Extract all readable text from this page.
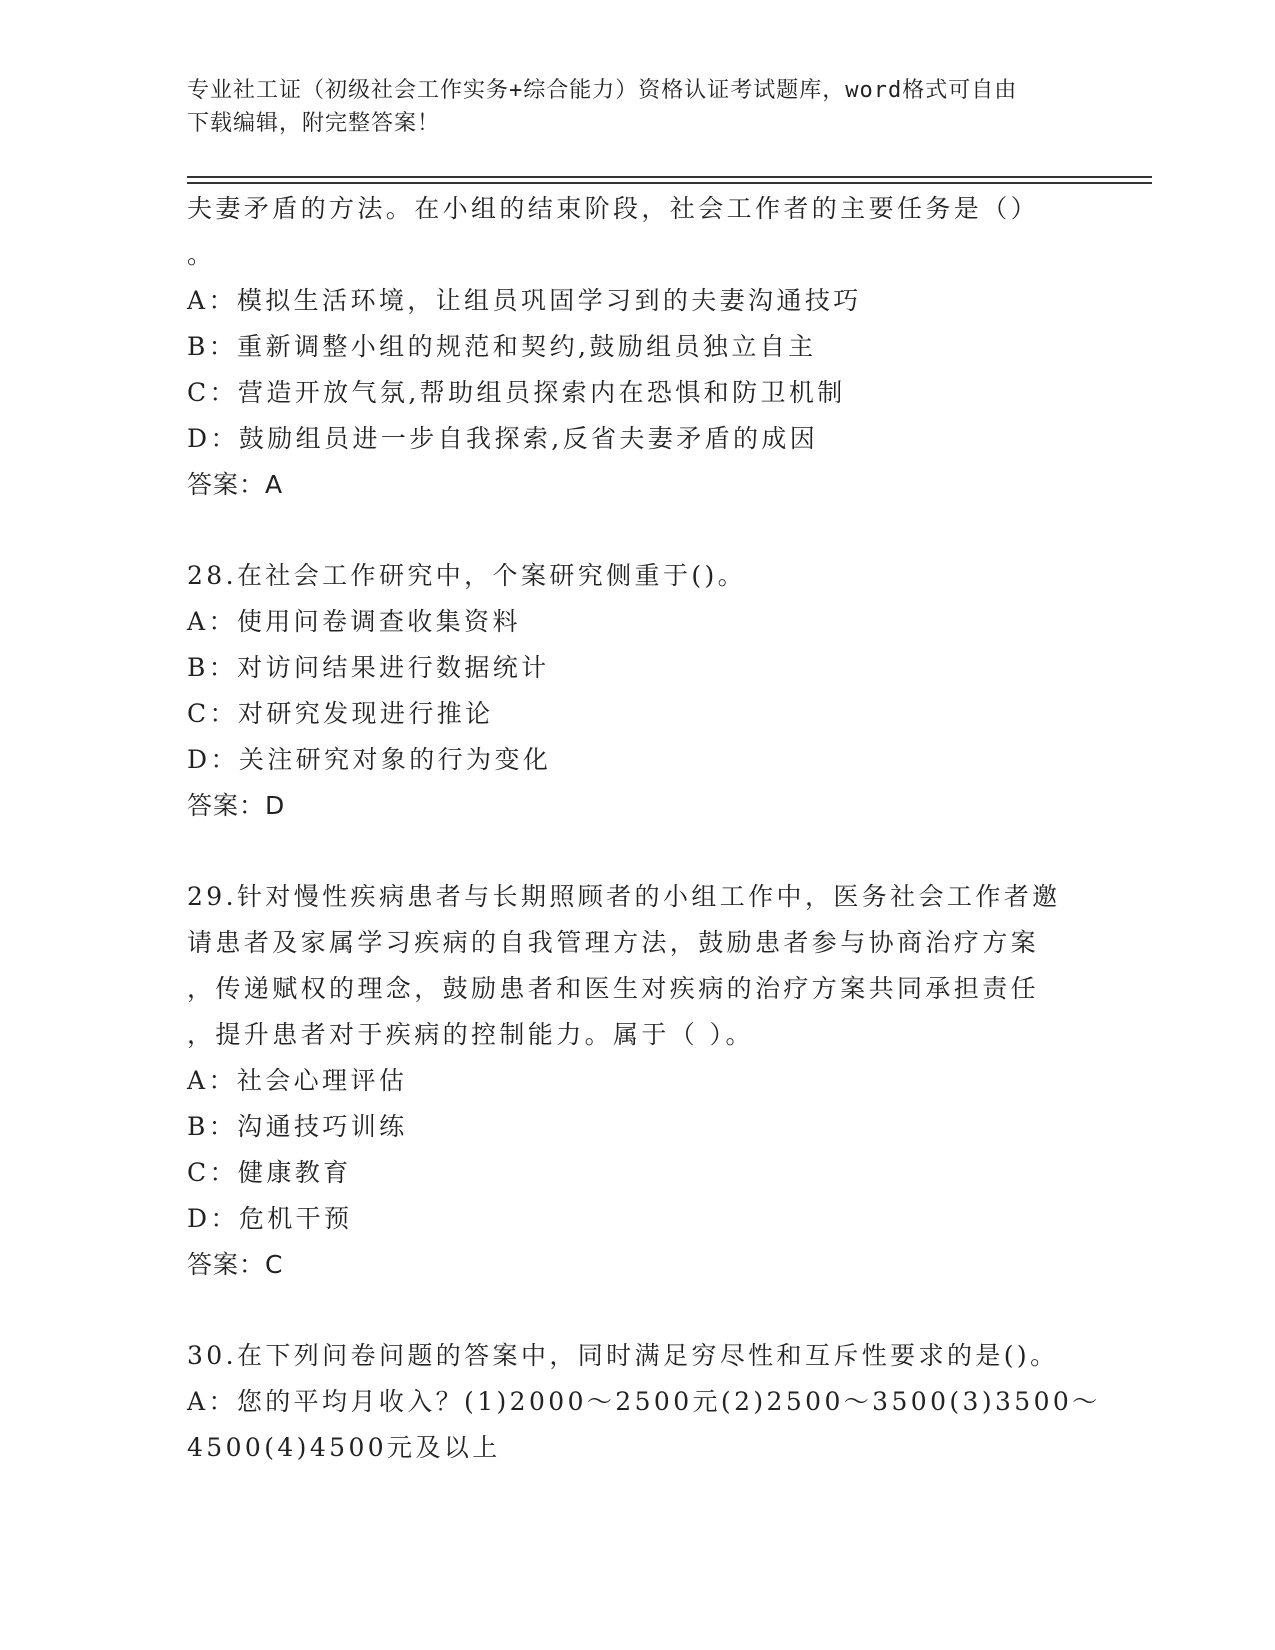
专业社工证（初级社会工作实务+综合能力）资格认证考试题库，word格式可自由
下载编辑，附完整答案！
夫妻矛盾的方法。在小组的结束阶段，社会工作者的主要任务是（）
。
A：模拟生活环境，让组员巩固学习到的夫妻沟通技巧
B：重新调整小组的规范和契约,鼓励组员独立自主
C：营造开放气氛,帮助组员探索内在恐惧和防卫机制
D：鼓励组员进一步自我探索,反省夫妻矛盾的成因
答案：A
28.在社会工作研究中，个案研究侧重于()。
A：使用问卷调查收集资料
B：对访问结果进行数据统计
C：对研究发现进行推论
D：关注研究对象的行为变化
答案：D
29.针对慢性疾病患者与长期照顾者的小组工作中，医务社会工作者邀
请患者及家属学习疾病的自我管理方法，鼓励患者参与协商治疗方案
，传递赋权的理念，鼓励患者和医生对疾病的治疗方案共同承担责任
，提升患者对于疾病的控制能力。属于（ ）。
A：社会心理评估
B：沟通技巧训练
C：健康教育
D：危机干预
答案：C
30.在下列问卷问题的答案中，同时满足穷尽性和互斥性要求的是()。
A：您的平均月收入？(1)2000～2500元(2)2500～3500(3)3500～
4500(4)4500元及以上
